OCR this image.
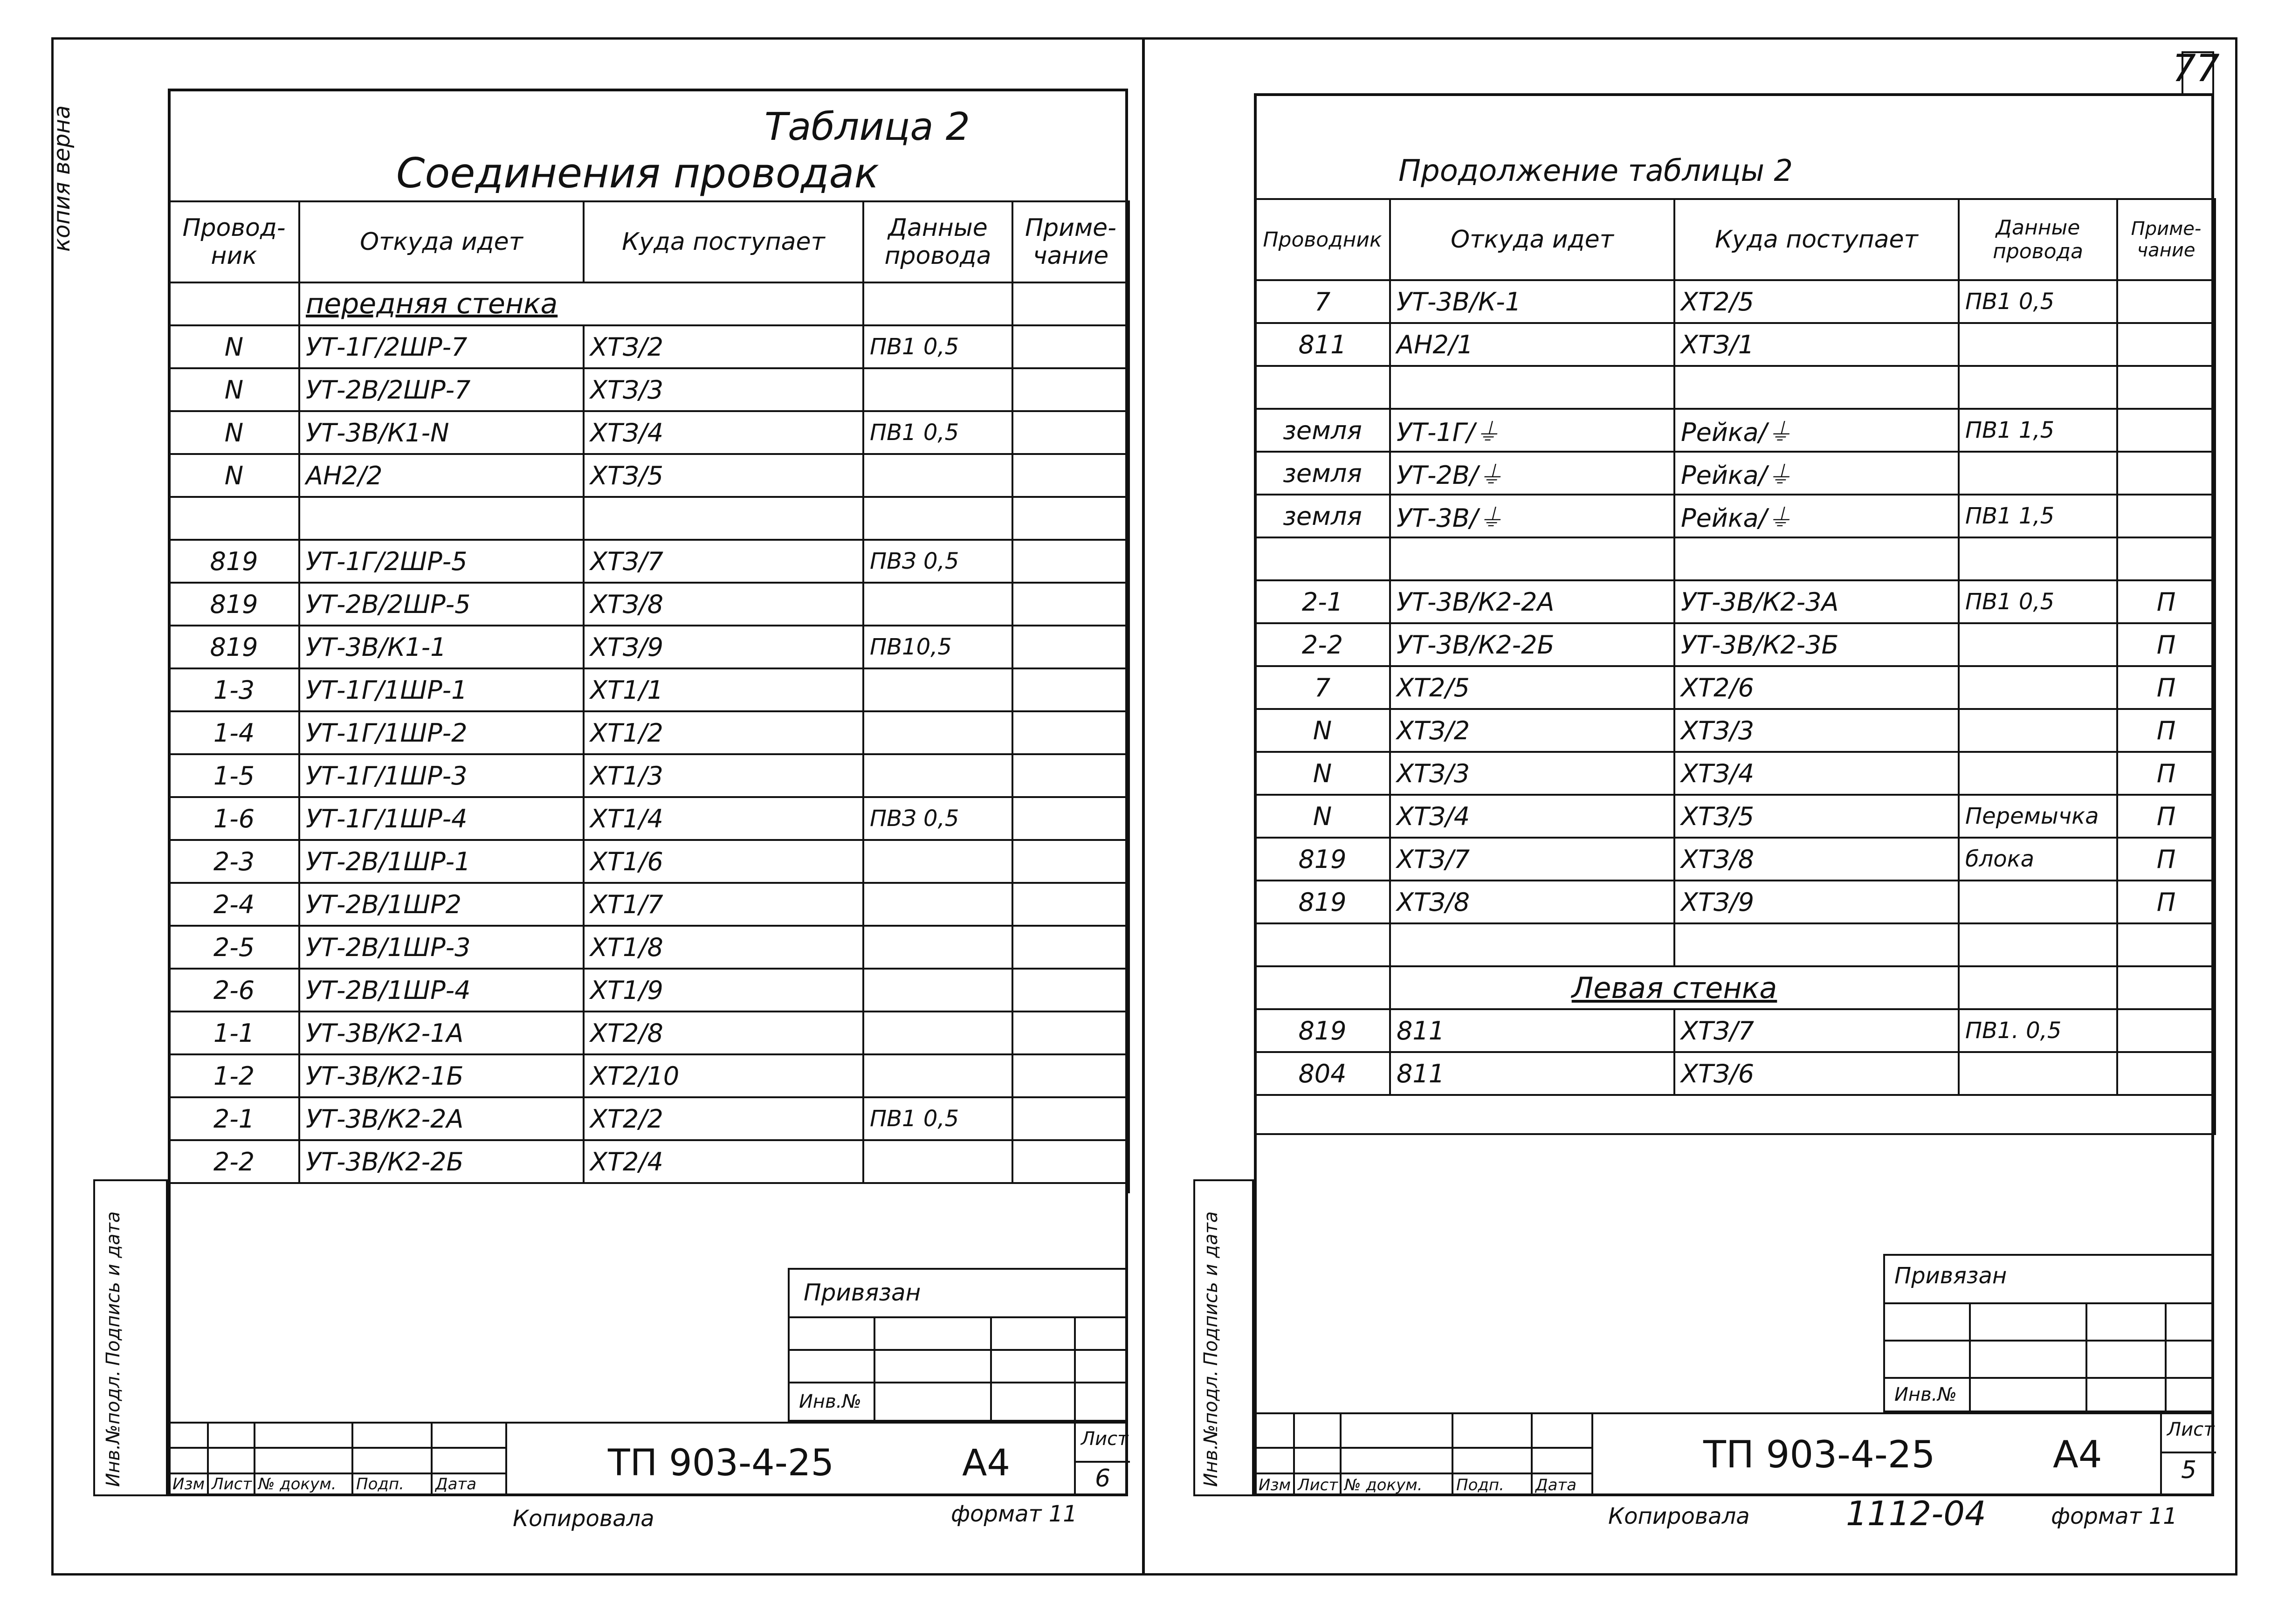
копия верна
77
Таблица 2
Соединения проводак
Провод-ник	Откуда идет	Куда поступает	Данные провода	Приме-чание
	передняя стенка			
N	УТ-1Г/2ШР-7	ХТЗ/2	ПВ1 0,5	
N	УТ-2В/2ШР-7	ХТЗ/3		
N	УТ-3В/К1-N	ХТЗ/4	ПВ1 0,5	
N	АН2/2	ХТЗ/5		

819	УТ-1Г/2ШР-5	ХТЗ/7	ПВЗ 0,5	
819	УТ-2В/2ШР-5	ХТЗ/8		
819	УТ-3В/К1-1	ХТЗ/9	ПВ10,5	
1-3	УТ-1Г/1ШР-1	ХТ1/1		
1-4	УТ-1Г/1ШР-2	ХТ1/2		
1-5	УТ-1Г/1ШР-3	ХТ1/3		
1-6	УТ-1Г/1ШР-4	ХТ1/4	ПВЗ 0,5	
2-3	УТ-2В/1ШР-1	ХТ1/6		
2-4	УТ-2В/1ШР2	ХТ1/7		
2-5	УТ-2В/1ШР-3	ХТ1/8		
2-6	УТ-2В/1ШР-4	ХТ1/9		
1-1	УТ-3В/К2-1А	ХТ2/8		
1-2	УТ-3В/К2-1Б	ХТ2/10		
2-1	УТ-3В/К2-2А	ХТ2/2	ПВ1 0,5	
2-2	УТ-3В/К2-2Б	ХТ2/4		

Инв.№подл.
Подпись и дата	Привязан
Инв.№
Изм Лист № докум. Подп. Дата	ТП 903-4-25	А4
Лист
6
Копировала	формат 11
Продолжение таблицы 2
Проводник	Откуда идет	Куда поступает	Данные провода	Приме-чание
7	УТ-3В/К-1	ХТ2/5	ПВ1 0,5	
811	АН2/1	ХТЗ/1		

земля	УТ-1Г/⏚	Рейка/⏚	ПВ1 1,5	
земля	УТ-2В/⏚	Рейка/⏚		
земля	УТ-3В/⏚	Рейка/⏚	ПВ1 1,5	

2-1	УТ-3В/К2-2А	УТ-3В/К2-3А	ПВ1 0,5	П
2-2	УТ-3В/К2-2Б	УТ-3В/К2-3Б		П
7	ХТ2/5	ХТ2/6		П
N	ХТЗ/2	ХТЗ/3		П
N	ХТЗ/3	ХТЗ/4		П
N	ХТЗ/4	ХТЗ/5	Перемычка	П
819	ХТЗ/7	ХТЗ/8	блока	П
819	ХТЗ/8	ХТЗ/9		П

	Левая стенка			
819	811	ХТЗ/7	ПВ1. 0,5	
804	811	ХТЗ/6		

Инв.№подл.
Подпись и дата	Привязан
Инв.№
Изм Лист № докум. Подп. Дата
ТП 903-4-25	А4
Лист
5
Копировала	1112-04	формат 11
